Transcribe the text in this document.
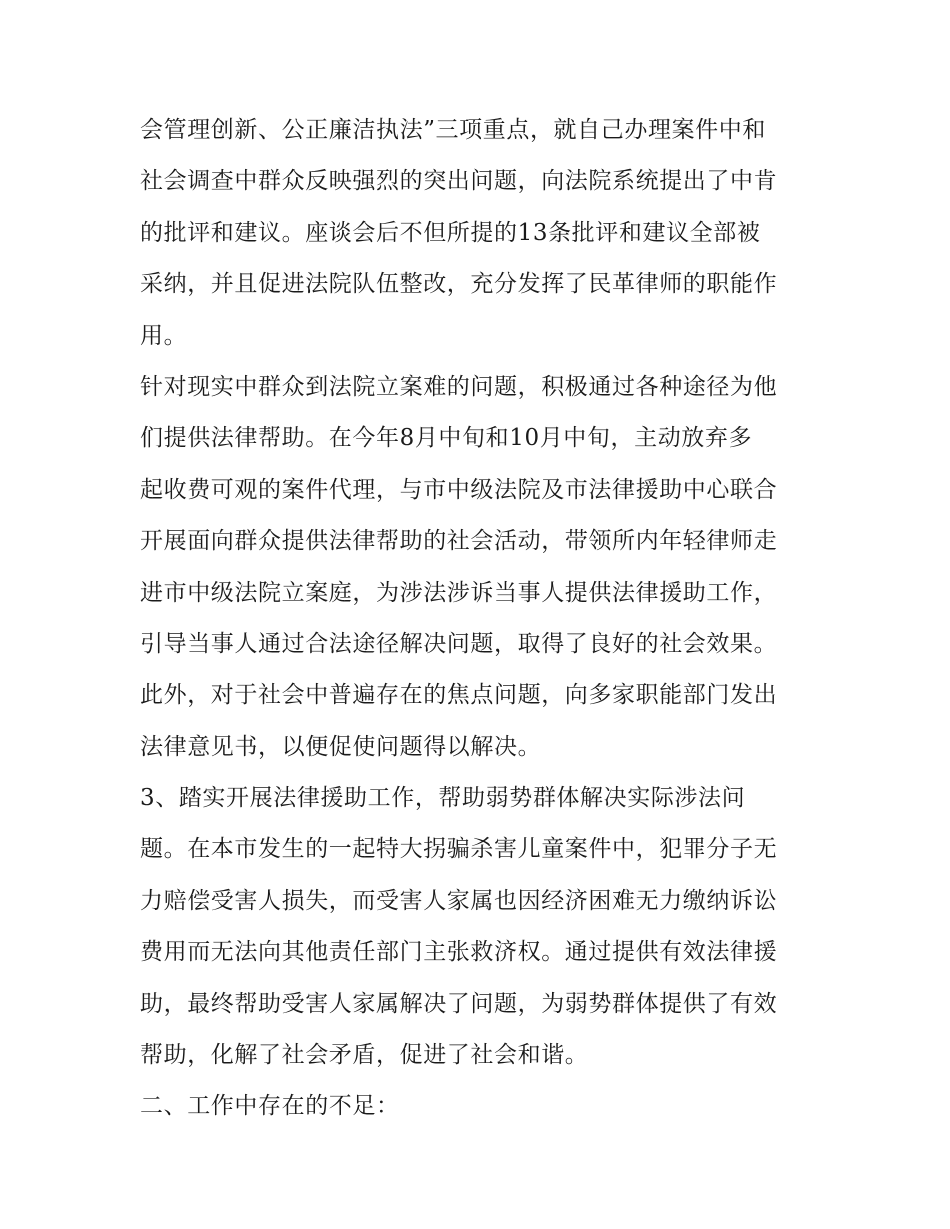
会管理创新、公正廉洁执法”三项重点，就自己办理案件中和
社会调查中群众反映强烈的突出问题，向法院系统提出了中肯
的批评和建议。座谈会后不但所提的13条批评和建议全部被
采纳，并且促进法院队伍整改，充分发挥了民革律师的职能作
用。
针对现实中群众到法院立案难的问题，积极通过各种途径为他
们提供法律帮助。在今年8月中旬和10月中旬，主动放弃多
起收费可观的案件代理，与市中级法院及市法律援助中心联合
开展面向群众提供法律帮助的社会活动，带领所内年轻律师走
进市中级法院立案庭，为涉法涉诉当事人提供法律援助工作，
引导当事人通过合法途径解决问题，取得了良好的社会效果。
此外，对于社会中普遍存在的焦点问题，向多家职能部门发出
法律意见书，以便促使问题得以解决。
3、踏实开展法律援助工作，帮助弱势群体解决实际涉法问
题。在本市发生的一起特大拐骗杀害儿童案件中，犯罪分子无
力赔偿受害人损失，而受害人家属也因经济困难无力缴纳诉讼
费用而无法向其他责任部门主张救济权。通过提供有效法律援
助，最终帮助受害人家属解决了问题，为弱势群体提供了有效
帮助，化解了社会矛盾，促进了社会和谐。
二、工作中存在的不足：
